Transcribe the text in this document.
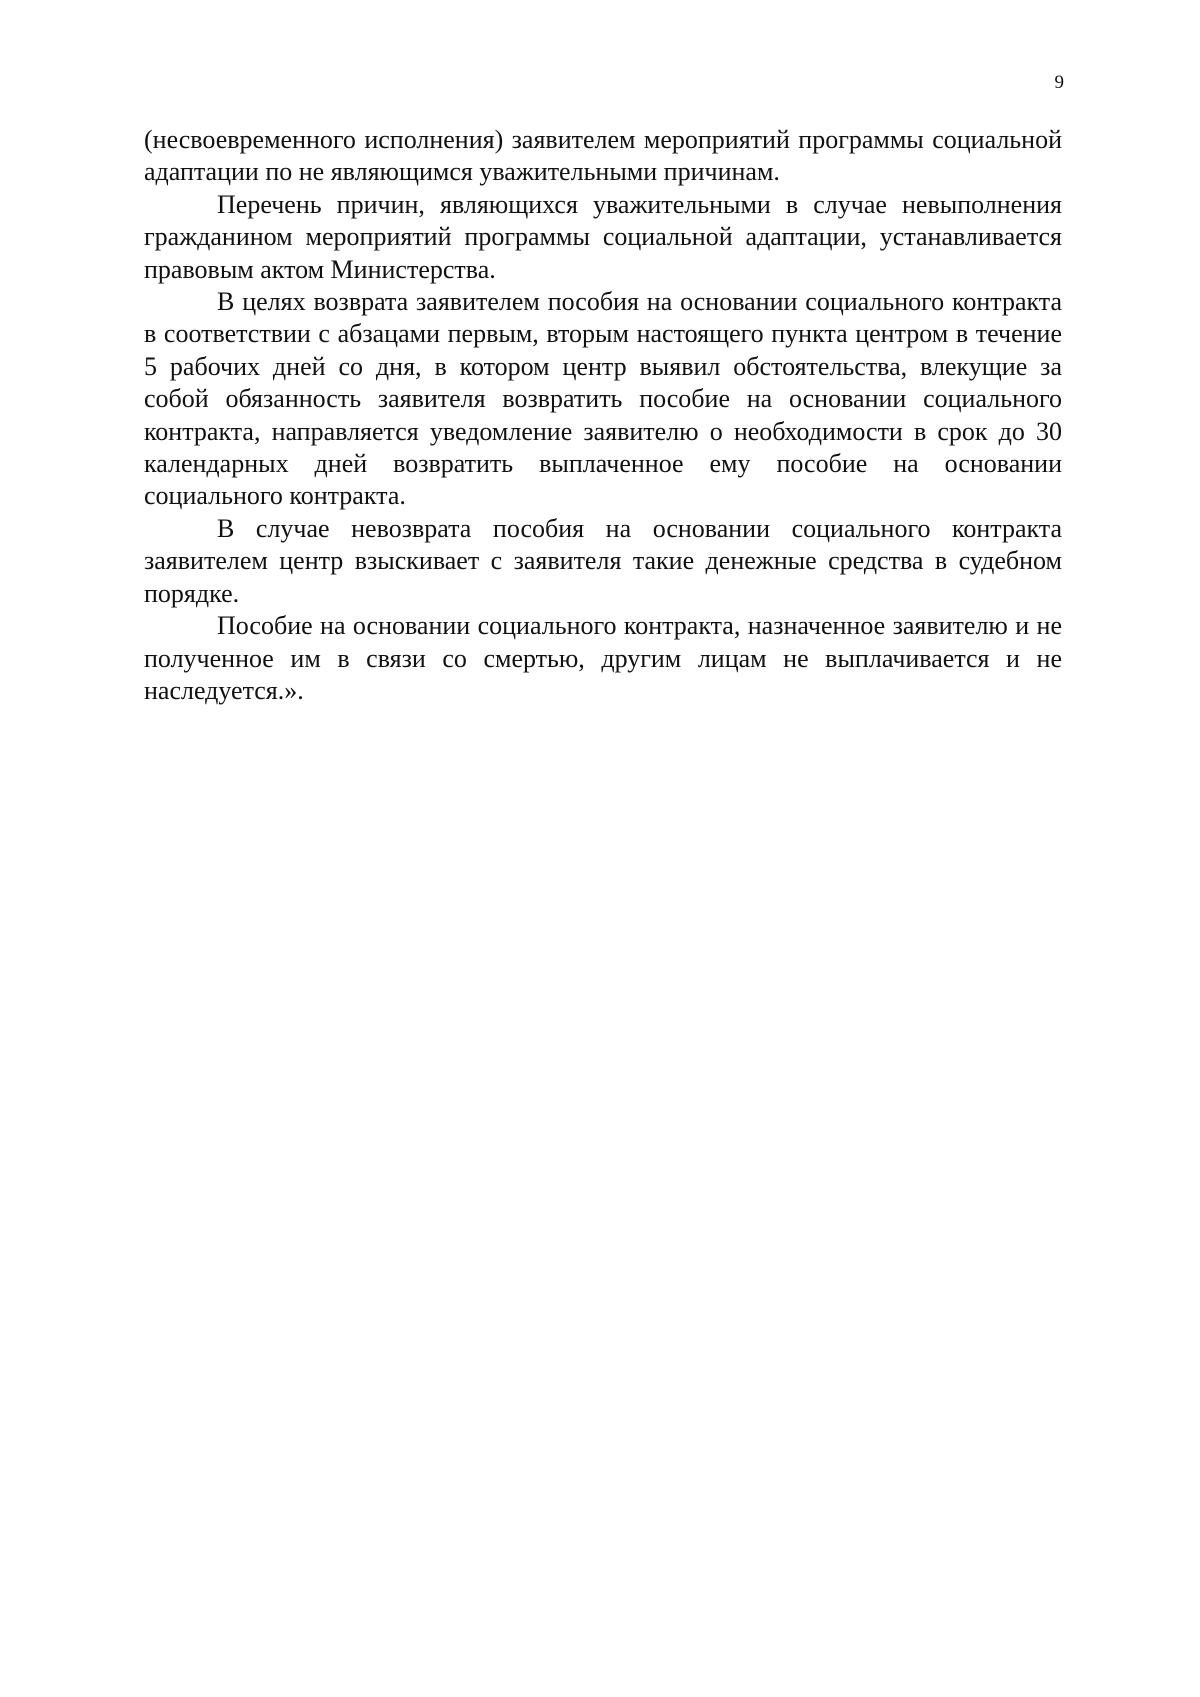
9

(несвоевременного исполнения) заявителем мероприятий программы социальной адаптации по не являющимся уважительными причинам.

Перечень причин, являющихся уважительными в случае невыполнения гражданином мероприятий программы социальной адаптации, устанавливается правовым актом Министерства.

В целях возврата заявителем пособия на основании социального контракта в соответствии с абзацами первым, вторым настоящего пункта центром в течение 5 рабочих дней со дня, в котором центр выявил обстоятельства, влекущие за собой обязанность заявителя возвратить пособие на основании социального контракта, направляется уведомление заявителю о необходимости в срок до 30 календарных дней возвратить выплаченное ему пособие на основании социального контракта.

В случае невозврата пособия на основании социального контракта заявителем центр взыскивает с заявителя такие денежные средства в судебном порядке.

Пособие на основании социального контракта, назначенное заявителю и не полученное им в связи со смертью, другим лицам не выплачивается и не наследуется.».
